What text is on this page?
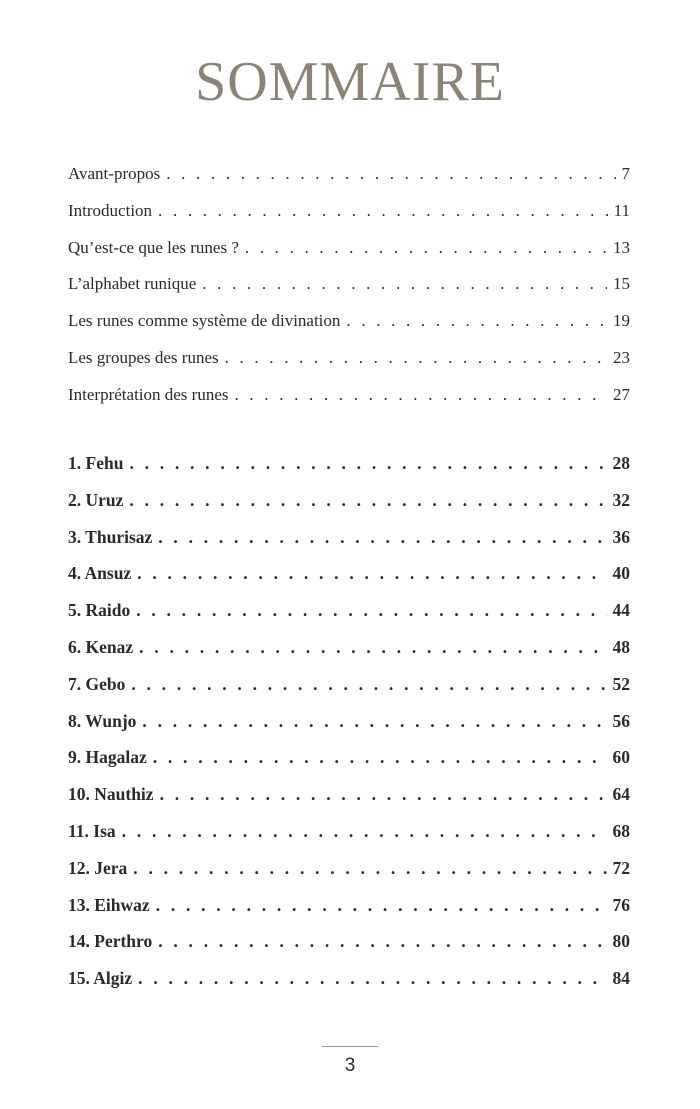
SOMMAIRE
Avant-propos . . .	7
Introduction . . .	11
Qu’est-ce que les runes ? . . .	13
L’alphabet runique . . .	15
Les runes comme système de divination . . .	19
Les groupes des runes . . .	23
Interprétation des runes . . .	27
1. Fehu . . .	28
2. Uruz . . .	32
3. Thurisaz . . .	36
4. Ansuz . . .	40
5. Raido . . .	44
6. Kenaz . . .	48
7. Gebo . . .	52
8. Wunjo . . .	56
9. Hagalaz . . .	60
10. Nauthiz . . .	64
11. Isa . . .	68
12. Jera . . .	72
13. Eihwaz . . .	76
14. Perthro . . .	80
15. Algiz . . .	84
3
